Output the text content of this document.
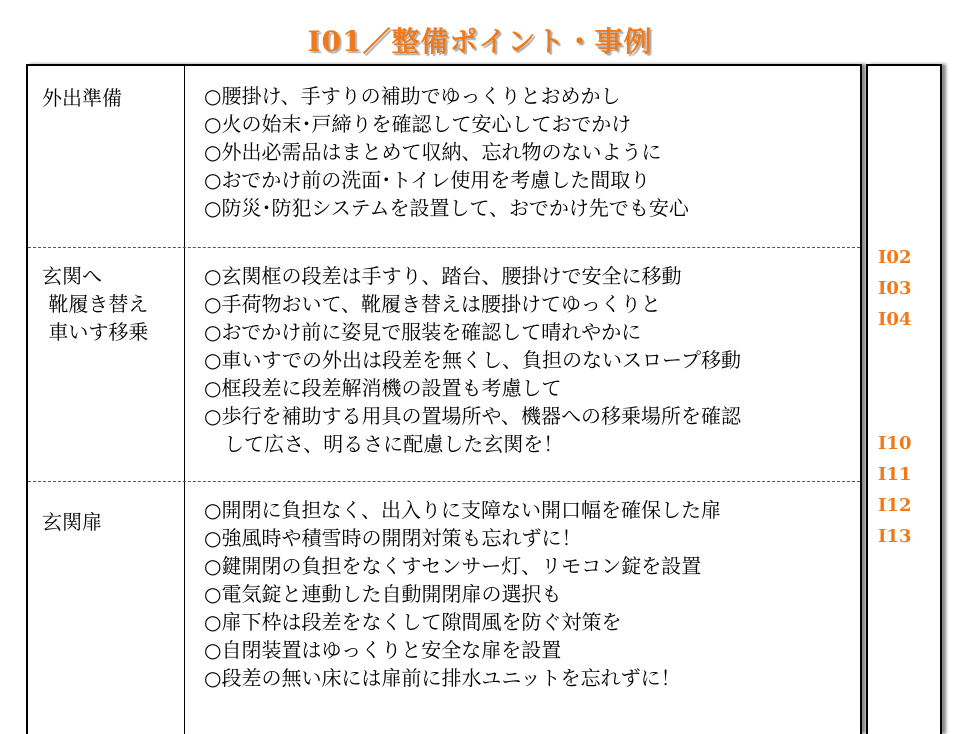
Ⅰ01／整備ポイント・事例
外出準備	○腰掛け、手すりの補助でゆっくりとおめかし
○火の始末･戸締りを確認して安心しておでかけ
○外出必需品はまとめて収納、忘れ物のないように
○おでかけ前の洗面･トイレ使用を考慮した間取り
○防災･防犯システムを設置して、おでかけ先でも安心
玄関へ
靴履き替え
車いす移乗
○玄関框の段差は手すり、踏台、腰掛けで安全に移動
○手荷物おいて、靴履き替えは腰掛けてゆっくりと
○おでかけ前に姿見で服装を確認して晴れやかに
○車いすでの外出は段差を無くし、負担のないスロープ移動
○框段差に段差解消機の設置も考慮して
○歩行を補助する用具の置場所や、機器への移乗場所を確認
　して広さ、明るさに配慮した玄関を！
玄関扉	○開閉に負担なく、出入りに支障ない開口幅を確保した扉
○強風時や積雪時の開閉対策も忘れずに！
○鍵開閉の負担をなくすセンサー灯、リモコン錠を設置
○電気錠と連動した自動開閉扉の選択も
○扉下枠は段差をなくして隙間風を防ぐ対策を
○自閉装置はゆっくりと安全な扉を設置
○段差の無い床には扉前に排水ユニットを忘れずに！
Ⅰ02
Ⅰ03
Ⅰ04
Ⅰ10
Ⅰ11
Ⅰ12
Ⅰ13
